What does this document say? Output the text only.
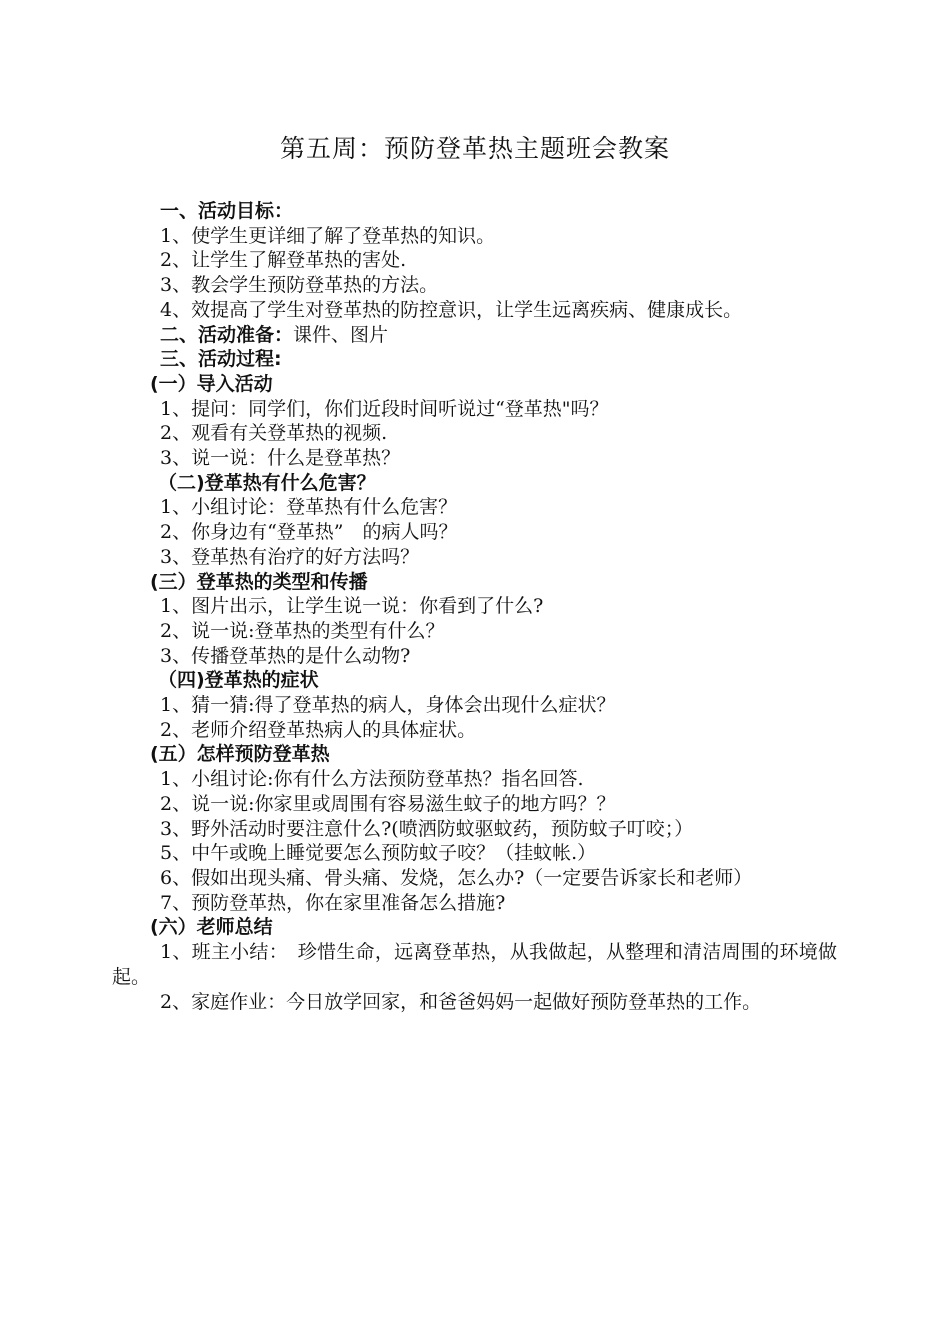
第五周：预防登革热主题班会教案
一、活动目标：
1、使学生更详细了解了登革热的知识。
2、让学生了解登革热的害处.
3、教会学生预防登革热的方法。
4、效提高了学生对登革热的防控意识，让学生远离疾病、健康成长。
二、活动准备：课件、图片
三、活动过程:
(一）导入活动
1、提问：同学们，你们近段时间听说过“登革热"吗？
2、观看有关登革热的视频.
3、说一说：什么是登革热？
（二)登革热有什么危害？
1、小组讨论：登革热有什么危害？
2、你身边有“登革热”　的病人吗？
3、登革热有治疗的好方法吗？
(三）登革热的类型和传播
1、图片出示，让学生说一说：你看到了什么?
2、说一说:登革热的类型有什么？
3、传播登革热的是什么动物?
（四)登革热的症状
1、猜一猜:得了登革热的病人，身体会出现什么症状？
2、老师介绍登革热病人的具体症状。
(五）怎样预防登革热
1、小组讨论:你有什么方法预防登革热？指名回答.
2、说一说:你家里或周围有容易滋生蚊子的地方吗？？
3、野外活动时要注意什么?(喷洒防蚊驱蚊药，预防蚊子叮咬；）
5、中午或晚上睡觉要怎么预防蚊子咬？（挂蚊帐.）
6、假如出现头痛、骨头痛、发烧，怎么办?（一定要告诉家长和老师）
7、预防登革热，你在家里准备怎么措施?
(六）老师总结
1、班主小结：　珍惜生命，远离登革热，从我做起，从整理和清洁周围的环境做起。
2、家庭作业：今日放学回家，和爸爸妈妈一起做好预防登革热的工作。
